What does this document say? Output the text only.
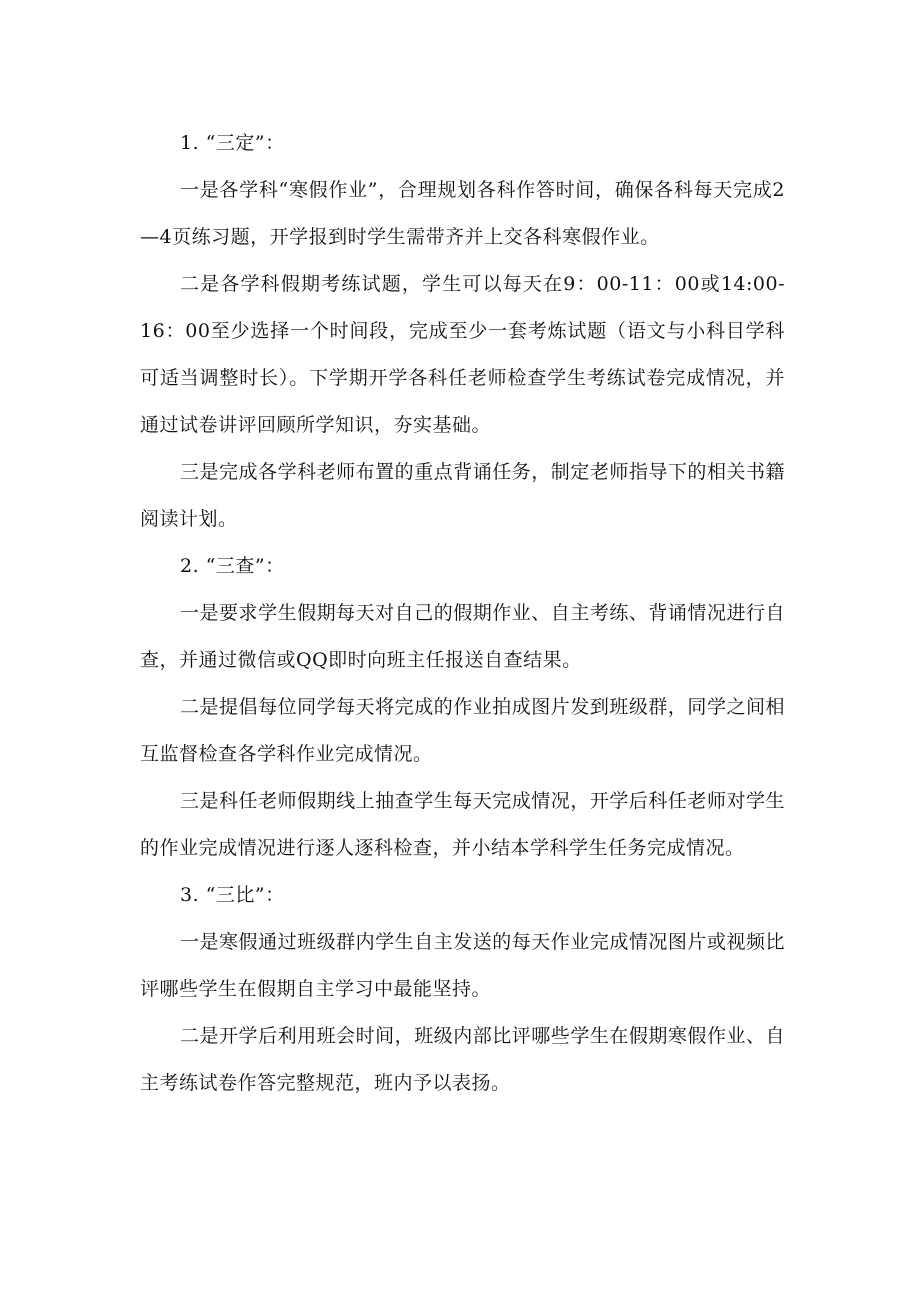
1. “三定”：

一是各学科“寒假作业”，合理规划各科作答时间，确保各科每天完成2—4页练习题，开学报到时学生需带齐并上交各科寒假作业。

二是各学科假期考练试题，学生可以每天在9：00-11：00或14:00-16：00至少选择一个时间段，完成至少一套考炼试题（语文与小科目学科可适当调整时长）。下学期开学各科任老师检查学生考练试卷完成情况，并通过试卷讲评回顾所学知识，夯实基础。

三是完成各学科老师布置的重点背诵任务，制定老师指导下的相关书籍阅读计划。

2. “三查”：

一是要求学生假期每天对自己的假期作业、自主考练、背诵情况进行自查，并通过微信或QQ即时向班主任报送自查结果。

二是提倡每位同学每天将完成的作业拍成图片发到班级群，同学之间相互监督检查各学科作业完成情况。

三是科任老师假期线上抽查学生每天完成情况，开学后科任老师对学生的作业完成情况进行逐人逐科检查，并小结本学科学生任务完成情况。

3. “三比”：

一是寒假通过班级群内学生自主发送的每天作业完成情况图片或视频比评哪些学生在假期自主学习中最能坚持。

二是开学后利用班会时间，班级内部比评哪些学生在假期寒假作业、自主考练试卷作答完整规范，班内予以表扬。
